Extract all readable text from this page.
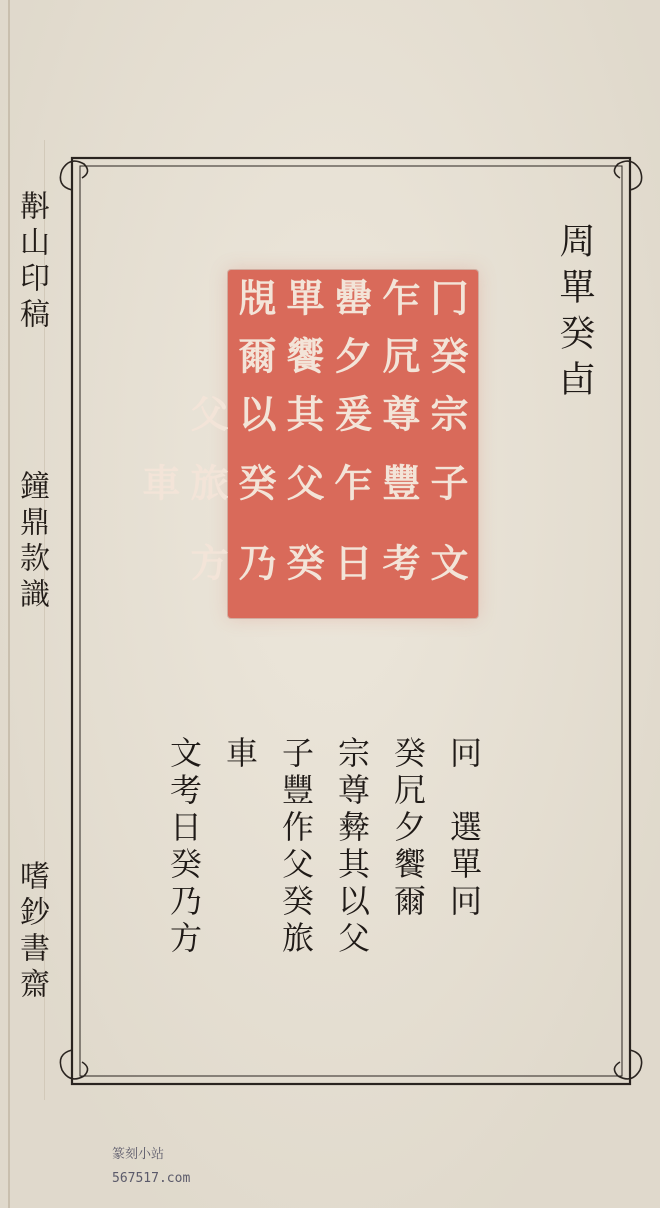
斠山印稿
鐘鼎款識
嗜鈔書齋
周單癸卣
冂乍罍單覑
癸凥夕饗爾
宗尊爰其以父
子豐乍父癸旅車
文考日癸乃方
冋　選單冋
癸凥夕饗爾
宗尊彜其以父
子豐作父癸旅車
文考日癸乃方
篆刻小站
567517.com
